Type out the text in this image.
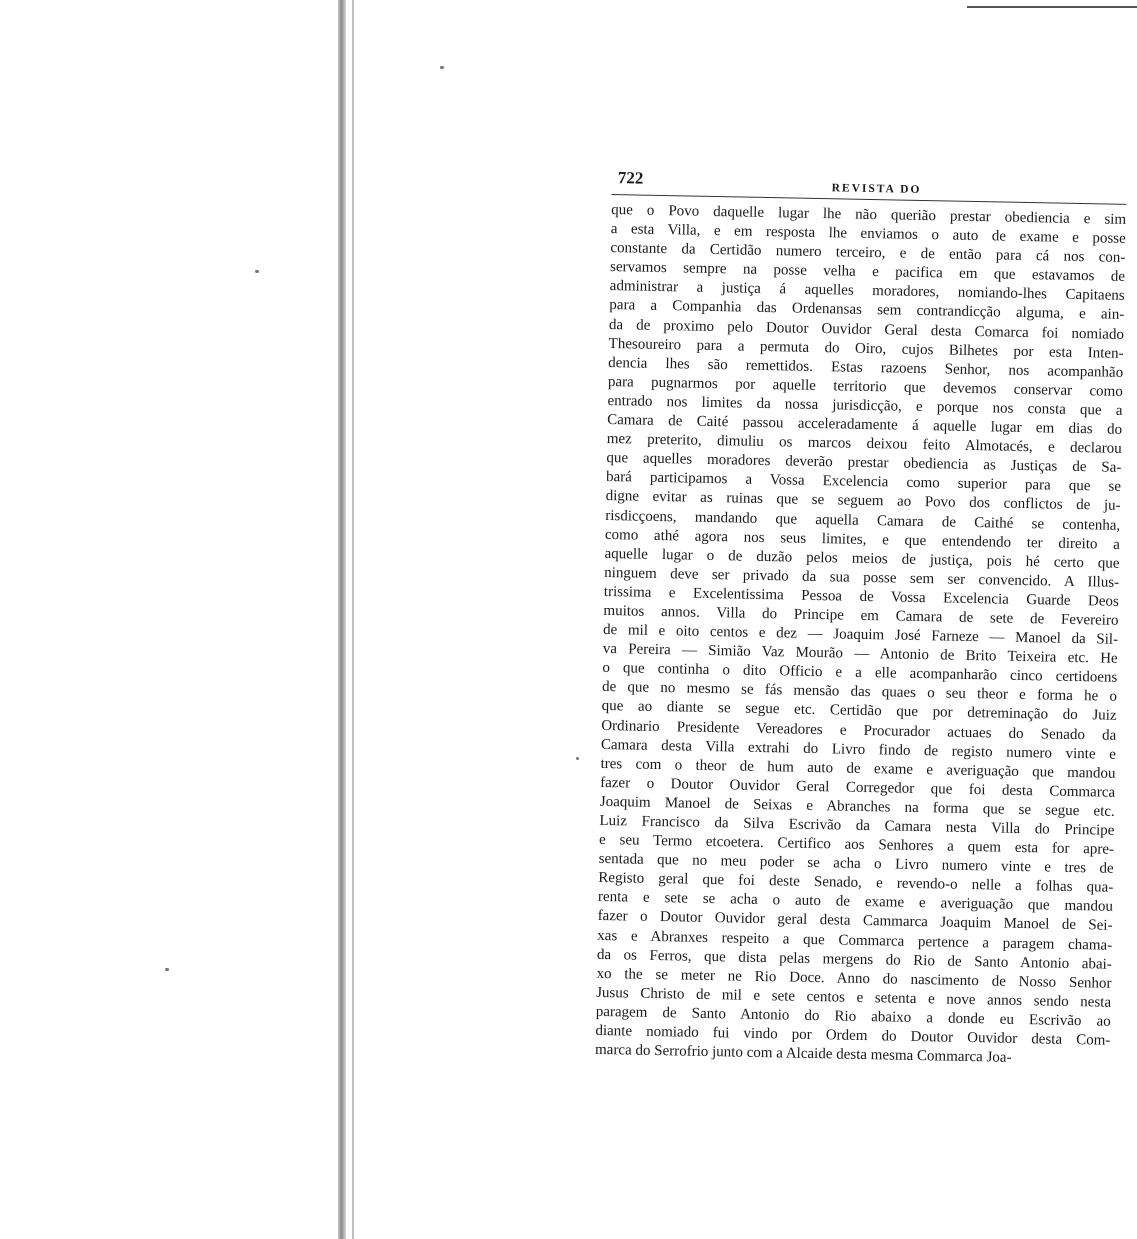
722
REVISTA DO
que o Povo daquelle lugar lhe não querião prestar obediencia e sim
a esta Villa, e em resposta lhe enviamos o auto de exame e posse
constante da Certidão numero terceiro, e de então para cá nos con-
servamos sempre na posse velha e pacifica em que estavamos de
administrar a justiça á aquelles moradores, nomiando-lhes Capitaens
para a Companhia das Ordenansas sem contrandicção alguma, e ain-
da de proximo pelo Doutor Ouvidor Geral desta Comarca foi nomiado
Thesoureiro para a permuta do Oiro, cujos Bilhetes por esta Inten-
dencia lhes são remettidos. Estas razoens Senhor, nos acompanhão
para pugnarmos por aquelle territorio que devemos conservar como
entrado nos limites da nossa jurisdicção, e porque nos consta que a
Camara de Caité passou acceleradamente á aquelle lugar em dias do
mez preterito, dimuliu os marcos deixou feito Almotacés, e declarou
que aquelles moradores deverão prestar obediencia as Justiças de Sa-
bará participamos a Vossa Excelencia como superior para que se
digne evitar as ruinas que se seguem ao Povo dos conflictos de ju-
risdicçoens, mandando que aquella Camara de Caithé se contenha,
como athé agora nos seus limites, e que entendendo ter direito a
aquelle lugar o de duzão pelos meios de justiça, pois hé certo que
ninguem deve ser privado da sua posse sem ser convencido. A Illus-
trissima e Excelentissima Pessoa de Vossa Excelencia Guarde Deos
muitos annos. Villa do Principe em Camara de sete de Fevereiro
de mil e oito centos e dez — Joaquim José Farneze — Manoel da Sil-
va Pereira — Simião Vaz Mourão — Antonio de Brito Teixeira etc. He
o que continha o dito Officio e a elle acompanharão cinco certidoens
de que no mesmo se fás mensão das quaes o seu theor e forma he o
que ao diante se segue etc. Certidão que por detreminação do Juiz
Ordinario Presidente Vereadores e Procurador actuaes do Senado da
Camara desta Villa extrahi do Livro findo de registo numero vinte e
tres com o theor de hum auto de exame e averiguação que mandou
fazer o Doutor Ouvidor Geral Corregedor que foi desta Commarca
Joaquim Manoel de Seixas e Abranches na forma que se segue etc.
Luiz Francisco da Silva Escrivão da Camara nesta Villa do Principe
e seu Termo etcoetera. Certifico aos Senhores a quem esta for apre-
sentada que no meu poder se acha o Livro numero vinte e tres de
Registo geral que foi deste Senado, e revendo-o nelle a folhas qua-
renta e sete se acha o auto de exame e averiguação que mandou
fazer o Doutor Ouvidor geral desta Cammarca Joaquim Manoel de Sei-
xas e Abranxes respeito a que Commarca pertence a paragem chama-
da os Ferros, que dista pelas mergens do Rio de Santo Antonio abai-
xo the se meter ne Rio Doce. Anno do nascimento de Nosso Senhor
Jusus Christo de mil e sete centos e setenta e nove annos sendo nesta
paragem de Santo Antonio do Rio abaixo a donde eu Escrivão ao
diante nomiado fui vindo por Ordem do Doutor Ouvidor desta Com-
marca do Serrofrio junto com a Alcaide desta mesma Commarca Joa-
